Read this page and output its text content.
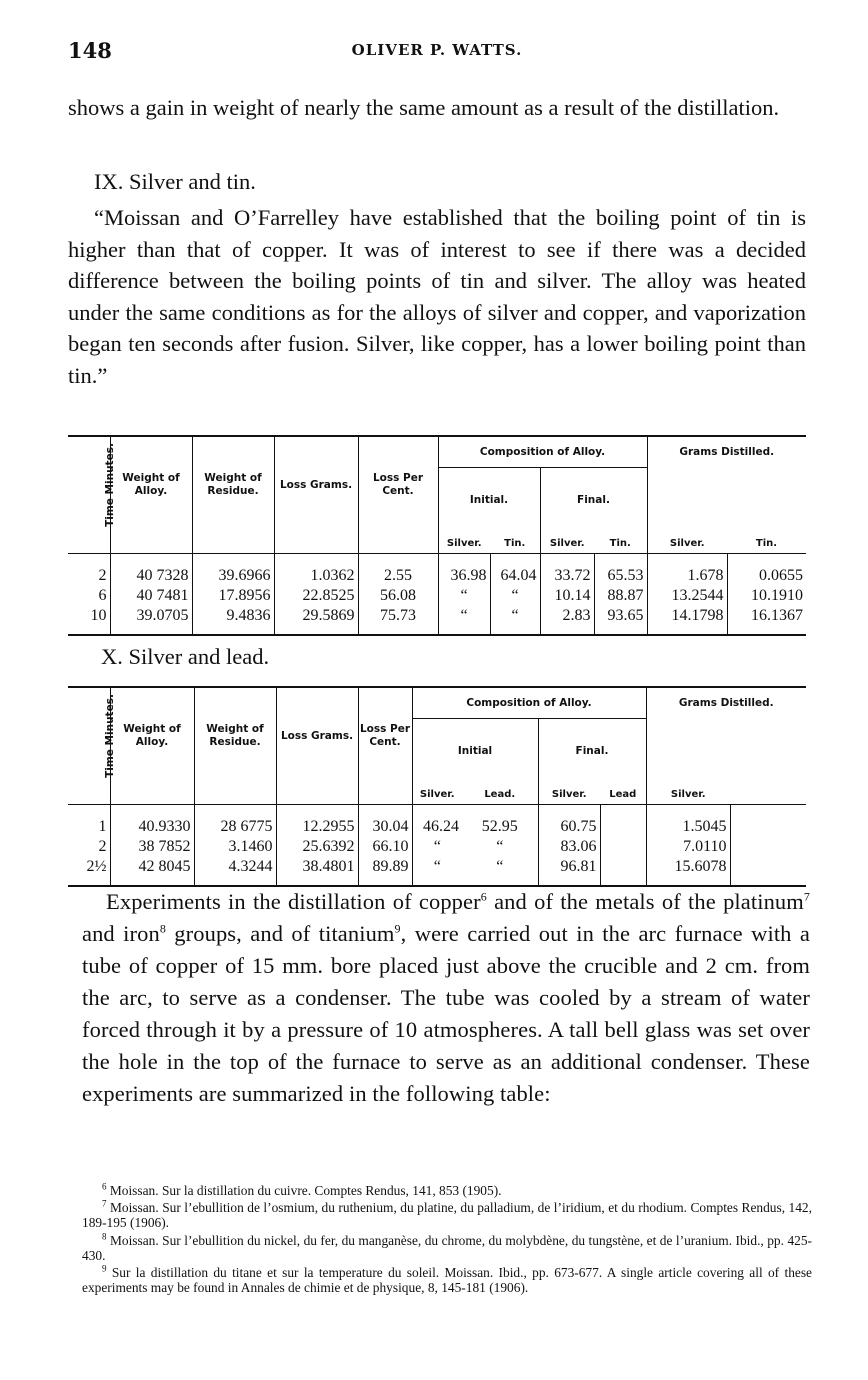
148	OLIVER P. WATTS.

shows a gain in weight of nearly the same amount as a result of the distillation.

IX. Silver and tin.

“Moissan and O’Farrelley have established that the boiling point of tin is higher than that of copper. It was of interest to see if there was a decided difference between the boiling points of tin and silver. The alloy was heated under the same conditions as for the alloys of silver and copper, and vaporization began ten seconds after fusion. Silver, like copper, has a lower boiling point than tin.”

Time Minutes.	Weight of Alloy.	Weight of Residue.	Loss Grams.	Loss Per Cent.	Composition of Alloy.				Grams Distilled.	
					Initial.		Final.			
					Silver.	Tin.	Silver.	Tin.	Silver.	Tin.
2	40 7328	39.6966	1.0362	2.55	36.98	64.04	33.72	65.53	1.678	0.0655
6	40 7481	17.8956	22.8525	56.08	“	“	10.14	88.87	13.2544	10.1910
10	39.0705	9.4836	29.5869	75.73	“	“	2.83	93.65	14.1798	16.1367
X. Silver and lead.
Time Minutes.	Weight of Alloy.	Weight of Residue.	Loss Grams.	Loss Per Cent.	Composition of Alloy.				Grams Distilled.	
					Initial		Final.			
					Silver.	Lead.	Silver.	Lead	Silver.	
1	40.9330	28 6775	12.2955	30.04	46.24	52.95	60.75		1.5045	
2	38 7852	3.1460	25.6392	66.10	“	“	83.06		7.0110	
2½	42 8045	4.3244	38.4801	89.89	“	“	96.81		15.6078	

Experiments in the distillation of copper$^6$ and of the metals of the platinum$^7$ and iron$^8$ groups, and of titanium$^9$, were carried out in the arc furnace with a tube of copper of 15 mm. bore placed just above the crucible and 2 cm. from the arc, to serve as a condenser. The tube was cooled by a stream of water forced through it by a pressure of 10 atmospheres. A tall bell glass was set over the hole in the top of the furnace to serve as an additional condenser. These experiments are summarized in the following table:

$^6$ Moissan. Sur la distillation du cuivre. Comptes Rendus, 141, 853 (1905).

$^7$ Moissan. Sur l’ebullition de l’osmium, du ruthenium, du platine, du palladium, de l’iridium, et du rhodium. Comptes Rendus, 142, 189-195 (1906).

$^8$ Moissan. Sur l’ebullition du nickel, du fer, du manganèse, du chrome, du molybdène, du tungstène, et de l’uranium. Ibid., pp. 425-430.

$^9$ Sur la distillation du titane et sur la temperature du soleil. Moissan. Ibid., pp. 673-677. A single article covering all of these experiments may be found in Annales de chimie et de physique, 8, 145-181 (1906).
